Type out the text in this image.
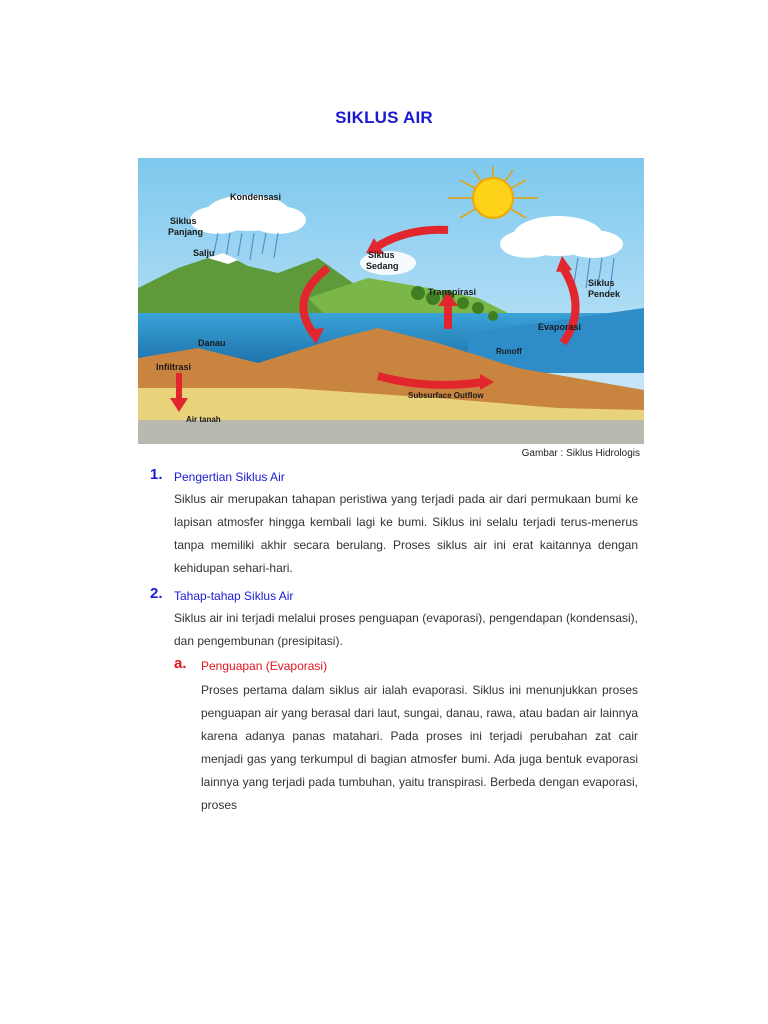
SIKLUS AIR
Kondensasi
Siklus
Panjang
Salju	Siklus
Sedang
Transpirasi
Siklus
Pendek
Evaporasi
Danau
Infiltrasi
Runoff
Subsurface Outflow
Air tanah
Gambar : Siklus Hidrologis
1. Pengertian Siklus Air

Siklus air merupakan tahapan peristiwa yang terjadi pada air dari permukaan bumi ke lapisan atmosfer hingga kembali lagi ke bumi. Siklus ini selalu terjadi terus-menerus tanpa memiliki akhir secara berulang. Proses siklus air ini erat kaitannya dengan kehidupan sehari-hari.

2. Tahap-tahap Siklus Air

Siklus air ini terjadi melalui proses penguapan (evaporasi), pengendapan (kondensasi), dan pengembunan (presipitasi).

a. Penguapan (Evaporasi)

Proses pertama dalam siklus air ialah evaporasi. Siklus ini menunjukkan proses penguapan air yang berasal dari laut, sungai, danau, rawa, atau badan air lainnya karena adanya panas matahari. Pada proses ini terjadi perubahan zat cair menjadi gas yang terkumpul di bagian atmosfer bumi. Ada juga bentuk evaporasi lainnya yang terjadi pada tumbuhan, yaitu transpirasi. Berbeda dengan evaporasi, proses
